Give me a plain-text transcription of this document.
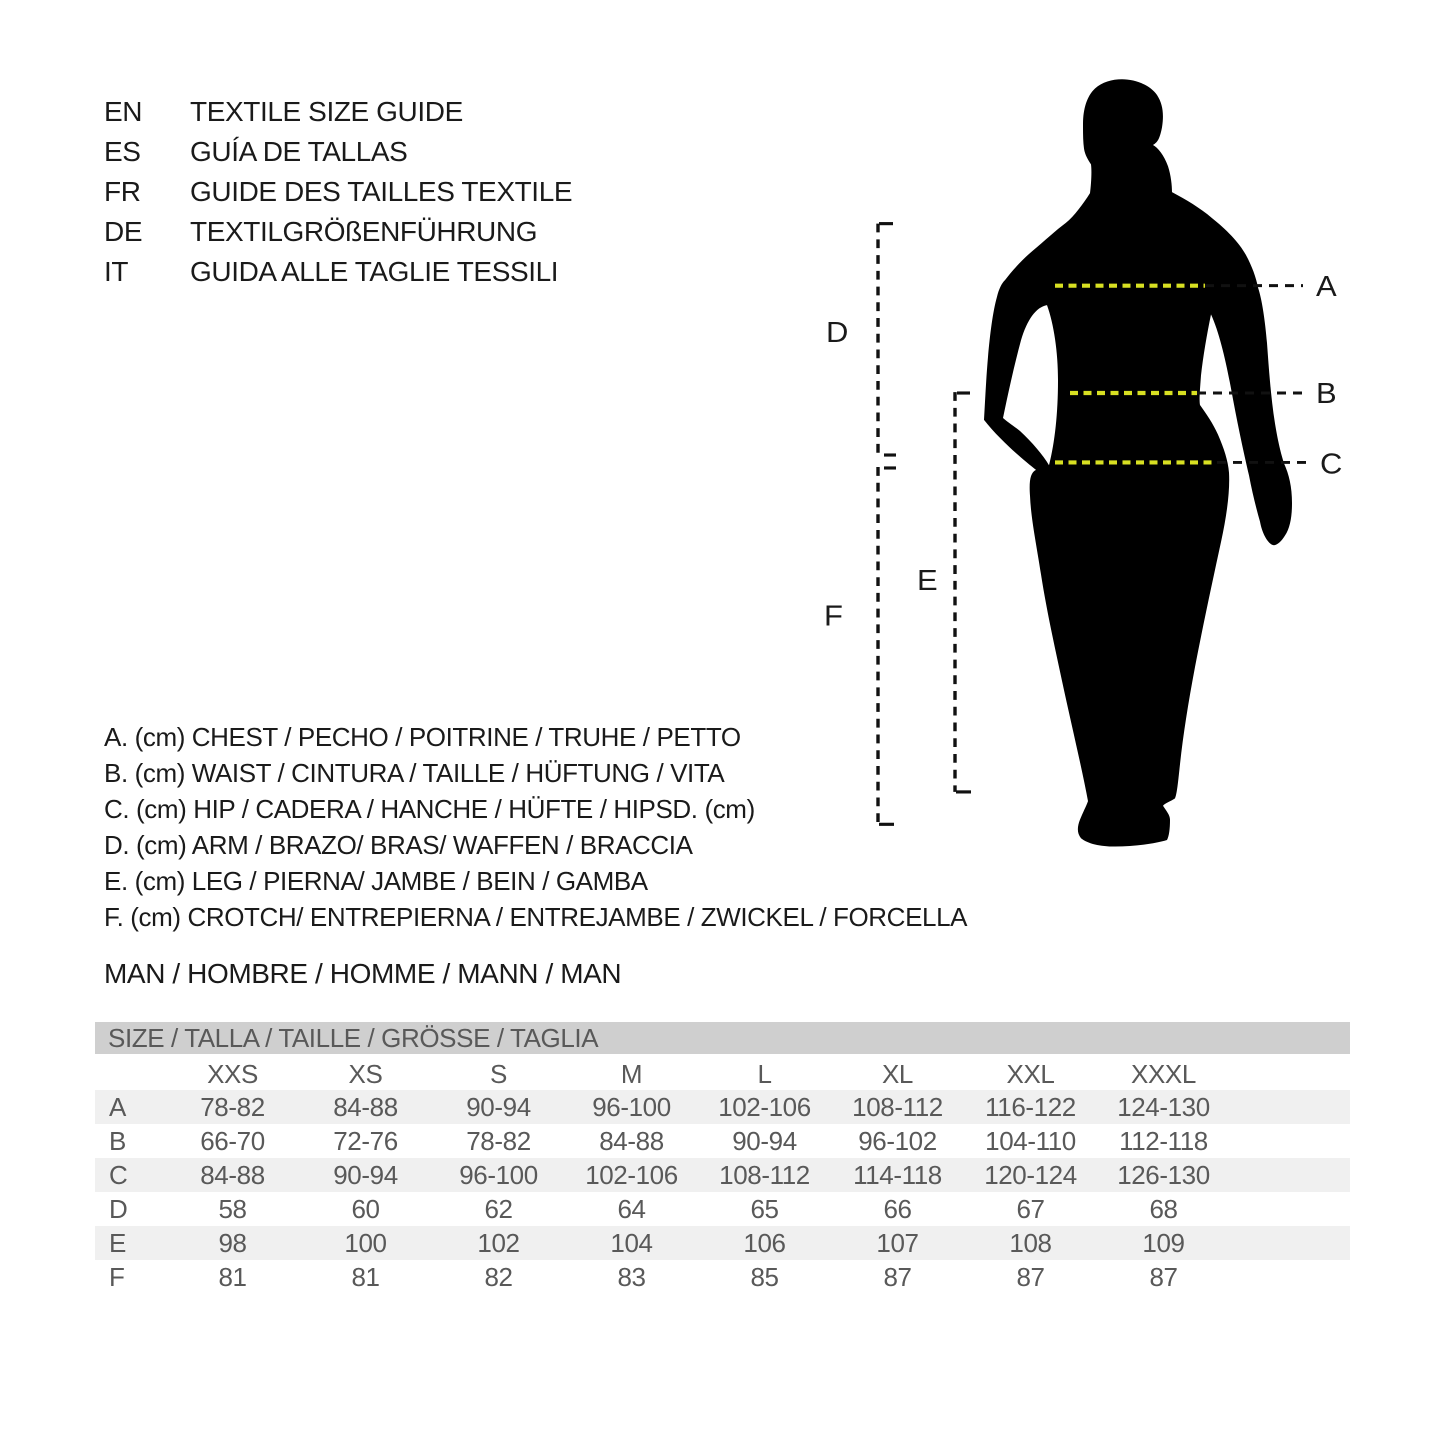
EN	TEXTILE SIZE GUIDE
ES	GUÍA DE TALLAS
FR	GUIDE DES TAILLES TEXTILE
DE	TEXTILGRÖßENFÜHRUNG
IT	GUIDA ALLE TAGLIE TESSILI	A
B
C
D
E
F
A. (cm) CHEST / PECHO / POITRINE / TRUHE / PETTO
B. (cm) WAIST / CINTURA / TAILLE / HÜFTUNG / VITA
C. (cm) HIP / CADERA / HANCHE / HÜFTE / HIPSD. (cm)
D. (cm) ARM / BRAZO/ BRAS/ WAFFEN / BRACCIA
E. (cm) LEG / PIERNA/ JAMBE / BEIN / GAMBA
F. (cm) CROTCH/ ENTREPIERNA / ENTREJAMBE / ZWICKEL / FORCELLA
MAN / HOMBRE / HOMME / MANN / MAN
SIZE / TALLA / TAILLE / GRÖSSE / TAGLIA
	XXS	XS	S	M	L	XL	XXL	XXXL	
A	78-82	84-88	90-94	96-100	102-106	108-112	116-122	124-130	
B	66-70	72-76	78-82	84-88	90-94	96-102	104-110	112-118	
C	84-88	90-94	96-100	102-106	108-112	114-118	120-124	126-130	
D	58	60	62	64	65	66	67	68	
E	98	100	102	104	106	107	108	109	
F	81	81	82	83	85	87	87	87	
